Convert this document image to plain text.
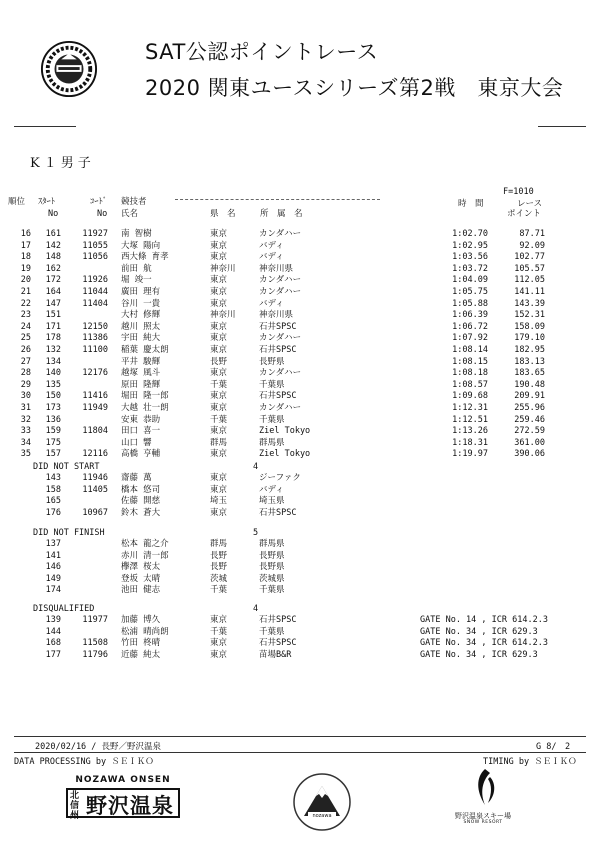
SAT公認ポイントレース
2020 関東ユースシリーズ第2戦　東京大会
K１男子
F=1010
順位 ｽﾀｰﾄ
No
ｺｰﾄﾞ
No
競技者
氏名	県　名	所　属　名
時　間	レース
ポイント
16	161	11927 南 智樹	東京	カンダハー	1:02.70	87.71
17	142	11055 大塚 陽向	東京	バディ	1:02.95	92.09
18	148	11056 西大條 育孝	東京	バディ	1:03.56	102.77
19	162	前田 航	神奈川	神奈川県	1:03.72	105.57
20	172	11926 堀 竣一	東京	カンダハー	1:04.09	112.05
21	164	11044 廣田 理有	東京	カンダハー	1:05.75	141.11
22	147	11404 谷川 一貴	東京	バディ	1:05.88	143.39
23	151	大村 修輝	神奈川	神奈川県	1:06.39	152.31
24	171	12150 越川 照太	東京	石井SPSC	1:06.72	158.09
25	178	11386 宇田 純大	東京	カンダハー	1:07.92	179.10
26	132	11100 稲葉 慶太朗	東京	石井SPSC	1:08.14	182.95
27	134	平井 駿輝	長野	長野県	1:08.15	183.13
28	140	12176 越塚 風斗	東京	カンダハー	1:08.18	183.65
29	135	原田 隆輝	千葉	千葉県	1:08.57	190.48
30	150	11416 堀田 隆一郎	東京	石井SPSC	1:09.68	209.91
31	173	11949 大越 壮一朗	東京	カンダハー	1:12.31	255.96
32	136	安東 恭助	千葉	千葉県	1:12.51	259.46
33	159	11804 田口 喜一	東京	Ziel Tokyo	1:13.26	272.59
34	175	山口 響	群馬	群馬県	1:18.31	361.00
35	157	12116 高橋 亨輔	東京	Ziel Tokyo	1:19.97	390.06
DID NOT START	4
143	11946 齋藤 萬	東京	ジーファク
158	11405 橋本 悠司	東京	バディ
165	佐藤 開慈	埼玉	埼玉県
176	10967 鈴木 蒼大	東京	石井SPSC
DID NOT FINISH	5
137	松本 龍之介	群馬	群馬県
141	赤川 清一郎	長野	長野県
146	欅澤 桜太	長野	長野県
149	登坂 太晴	茨城	茨城県
174	池田 健志	千葉	千葉県
DISQUALIFIED	4
139	11977 加藤 博久	東京	石井SPSC	GATE No. 14 , ICR 614.2.3
144	松浦 晴尚朗	千葉	千葉県	GATE No. 34 , ICR 629.3
168	11508 竹田 柊晴	東京	石井SPSC	GATE No. 34 , ICR 614.2.3
177	11796 近藤 純太	東京	苗場B&R	GATE No. 34 , ICR 629.3
2020/02/16 / 長野／野沢温泉	G 8/　2
DATA PROCESSING by ＳＥＩＫＯ	TIMING by ＳＥＩＫＯ
NOZAWA ONSEN
北信州 野沢温泉	nozawa	野沢温泉スキー場
SNOW RESORT
